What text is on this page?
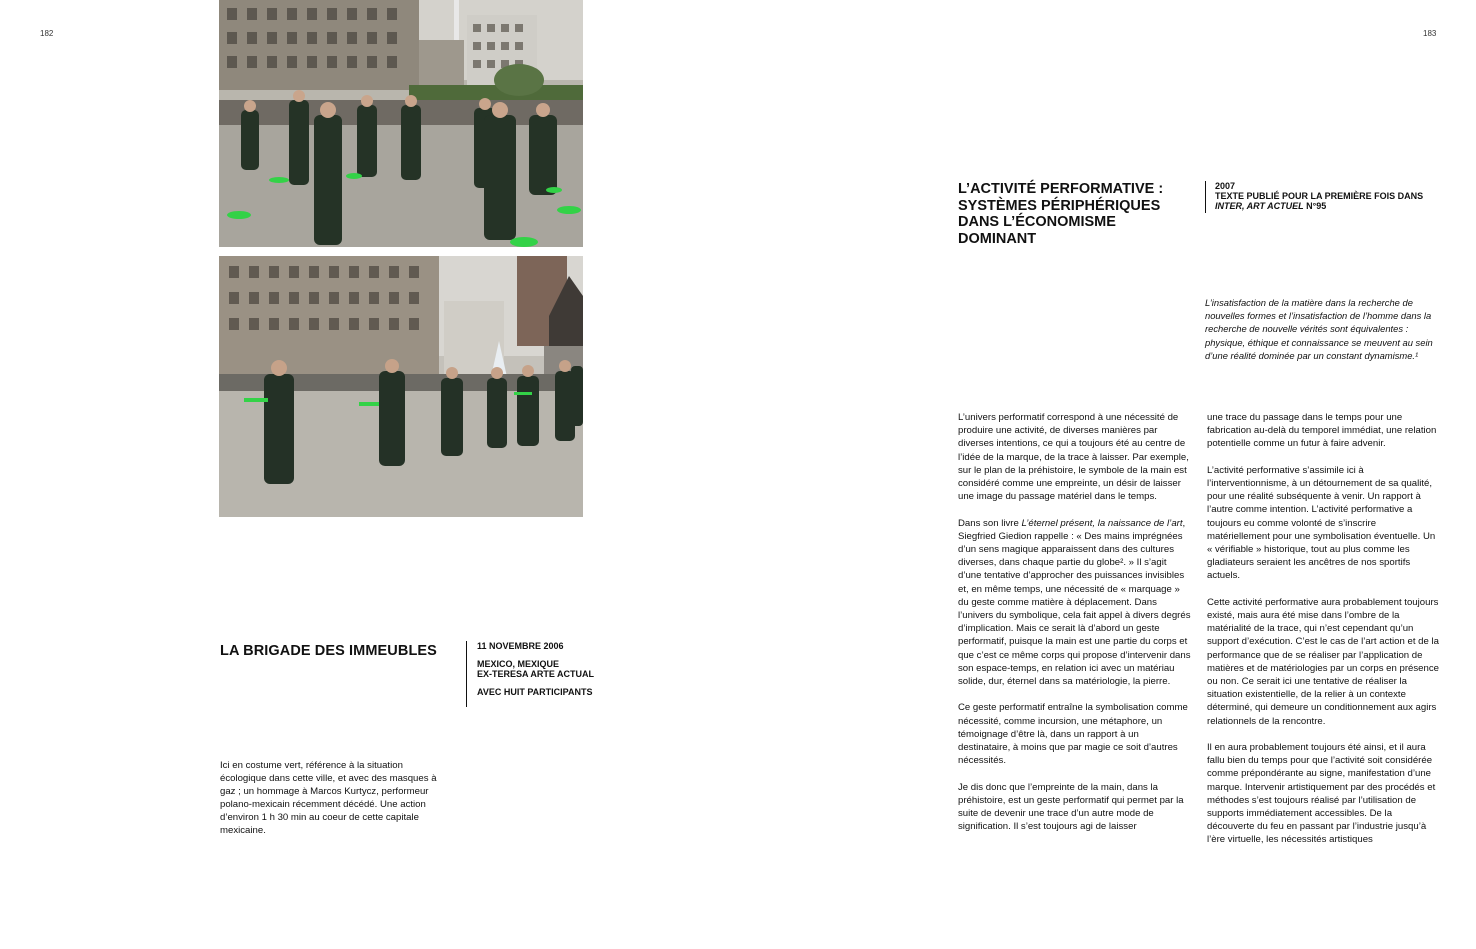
182	183
LA BRIGADE DES IMMEUBLES	11 NOVEMBRE 2006
MEXICO, MEXIQUE
EX-TERESA ARTE ACTUAL
AVEC HUIT PARTICIPANTS
Ici en costume vert, référence à la situation écologique dans cette ville, et avec des masques à gaz ; un hommage à Marcos Kurtycz, performeur polano-mexicain récemment décédé. Une action d’environ 1 h 30 min au coeur de cette capitale mexicaine.
L’ACTIVITÉ PERFORMATIVE :
SYSTÈMES PÉRIPHÉRIQUES
DANS L’ÉCONOMISME
DOMINANT
2007
TEXTE PUBLIÉ POUR LA PREMIÈRE FOIS DANS
INTER, ART ACTUEL N°95
L’insatisfaction de la matière dans la recherche de nouvelles formes et l’insatisfaction de l’homme dans la recherche de nouvelle vérités sont équivalentes : physique, éthique et connaissance se meuvent au sein d’une réalité dominée par un constant dynamisme.¹

L’univers performatif correspond à une nécessité de produire une activité, de diverses manières par diverses intentions, ce qui a toujours été au centre de l’idée de la marque, de la trace à laisser. Par exemple, sur le plan de la préhistoire, le symbole de la main est considéré comme une empreinte, un désir de laisser une image du passage matériel dans le temps.

Dans son livre L’éternel présent, la naissance de l’art, Siegfried Giedion rappelle : « Des mains imprégnées d’un sens magique apparaissent dans des cultures diverses, dans chaque partie du globe². » Il s’agit d’une tentative d’approcher des puissances invisibles et, en même temps, une nécessité de « marquage » du geste comme matière à déplacement. Dans l’univers du symbolique, cela fait appel à divers degrés d’implication. Mais ce serait là d’abord un geste performatif, puisque la main est une partie du corps et que c’est ce même corps qui propose d’intervenir dans son espace-temps, en relation ici avec un matériau solide, dur, éternel dans sa matériologie, la pierre.

Ce geste performatif entraîne la symbolisation comme nécessité, comme incursion, une métaphore, un témoignage d’être là, dans un rapport à un destinataire, à moins que par magie ce soit d’autres nécessités.

Je dis donc que l’empreinte de la main, dans la préhistoire, est un geste performatif qui permet par la suite de devenir une trace d’un autre mode de signification. Il s’est toujours agi de laisser

une trace du passage dans le temps pour une fabrication au-delà du temporel immédiat, une relation potentielle comme un futur à faire advenir.

L’activité performative s’assimile ici à l’interventionnisme, à un détournement de sa qualité, pour une réalité subséquente à venir. Un rapport à l’autre comme intention. L’activité performative a toujours eu comme volonté de s’inscrire matériellement pour une symbolisation éventuelle. Un « vérifiable » historique, tout au plus comme les gladiateurs seraient les ancêtres de nos sportifs actuels.

Cette activité performative aura probablement toujours existé, mais aura été mise dans l’ombre de la matérialité de la trace, qui n’est cependant qu’un support d’exécution. C’est le cas de l’art action et de la performance que de se réaliser par l’application de matières et de matériologies par un corps en présence ou non. Ce serait ici une tentative de réaliser la situation existentielle, de la relier à un contexte déterminé, qui demeure un conditionnement aux agirs relationnels de la rencontre.

Il en aura probablement toujours été ainsi, et il aura fallu bien du temps pour que l’activité soit considérée comme prépondérante au signe, manifestation d’une marque. Intervenir artistiquement par des procédés et méthodes s’est toujours réalisé par l’utilisation de supports immédiatement accessibles. De la découverte du feu en passant par l’industrie jusqu’à l’ère virtuelle, les nécessités artistiques
